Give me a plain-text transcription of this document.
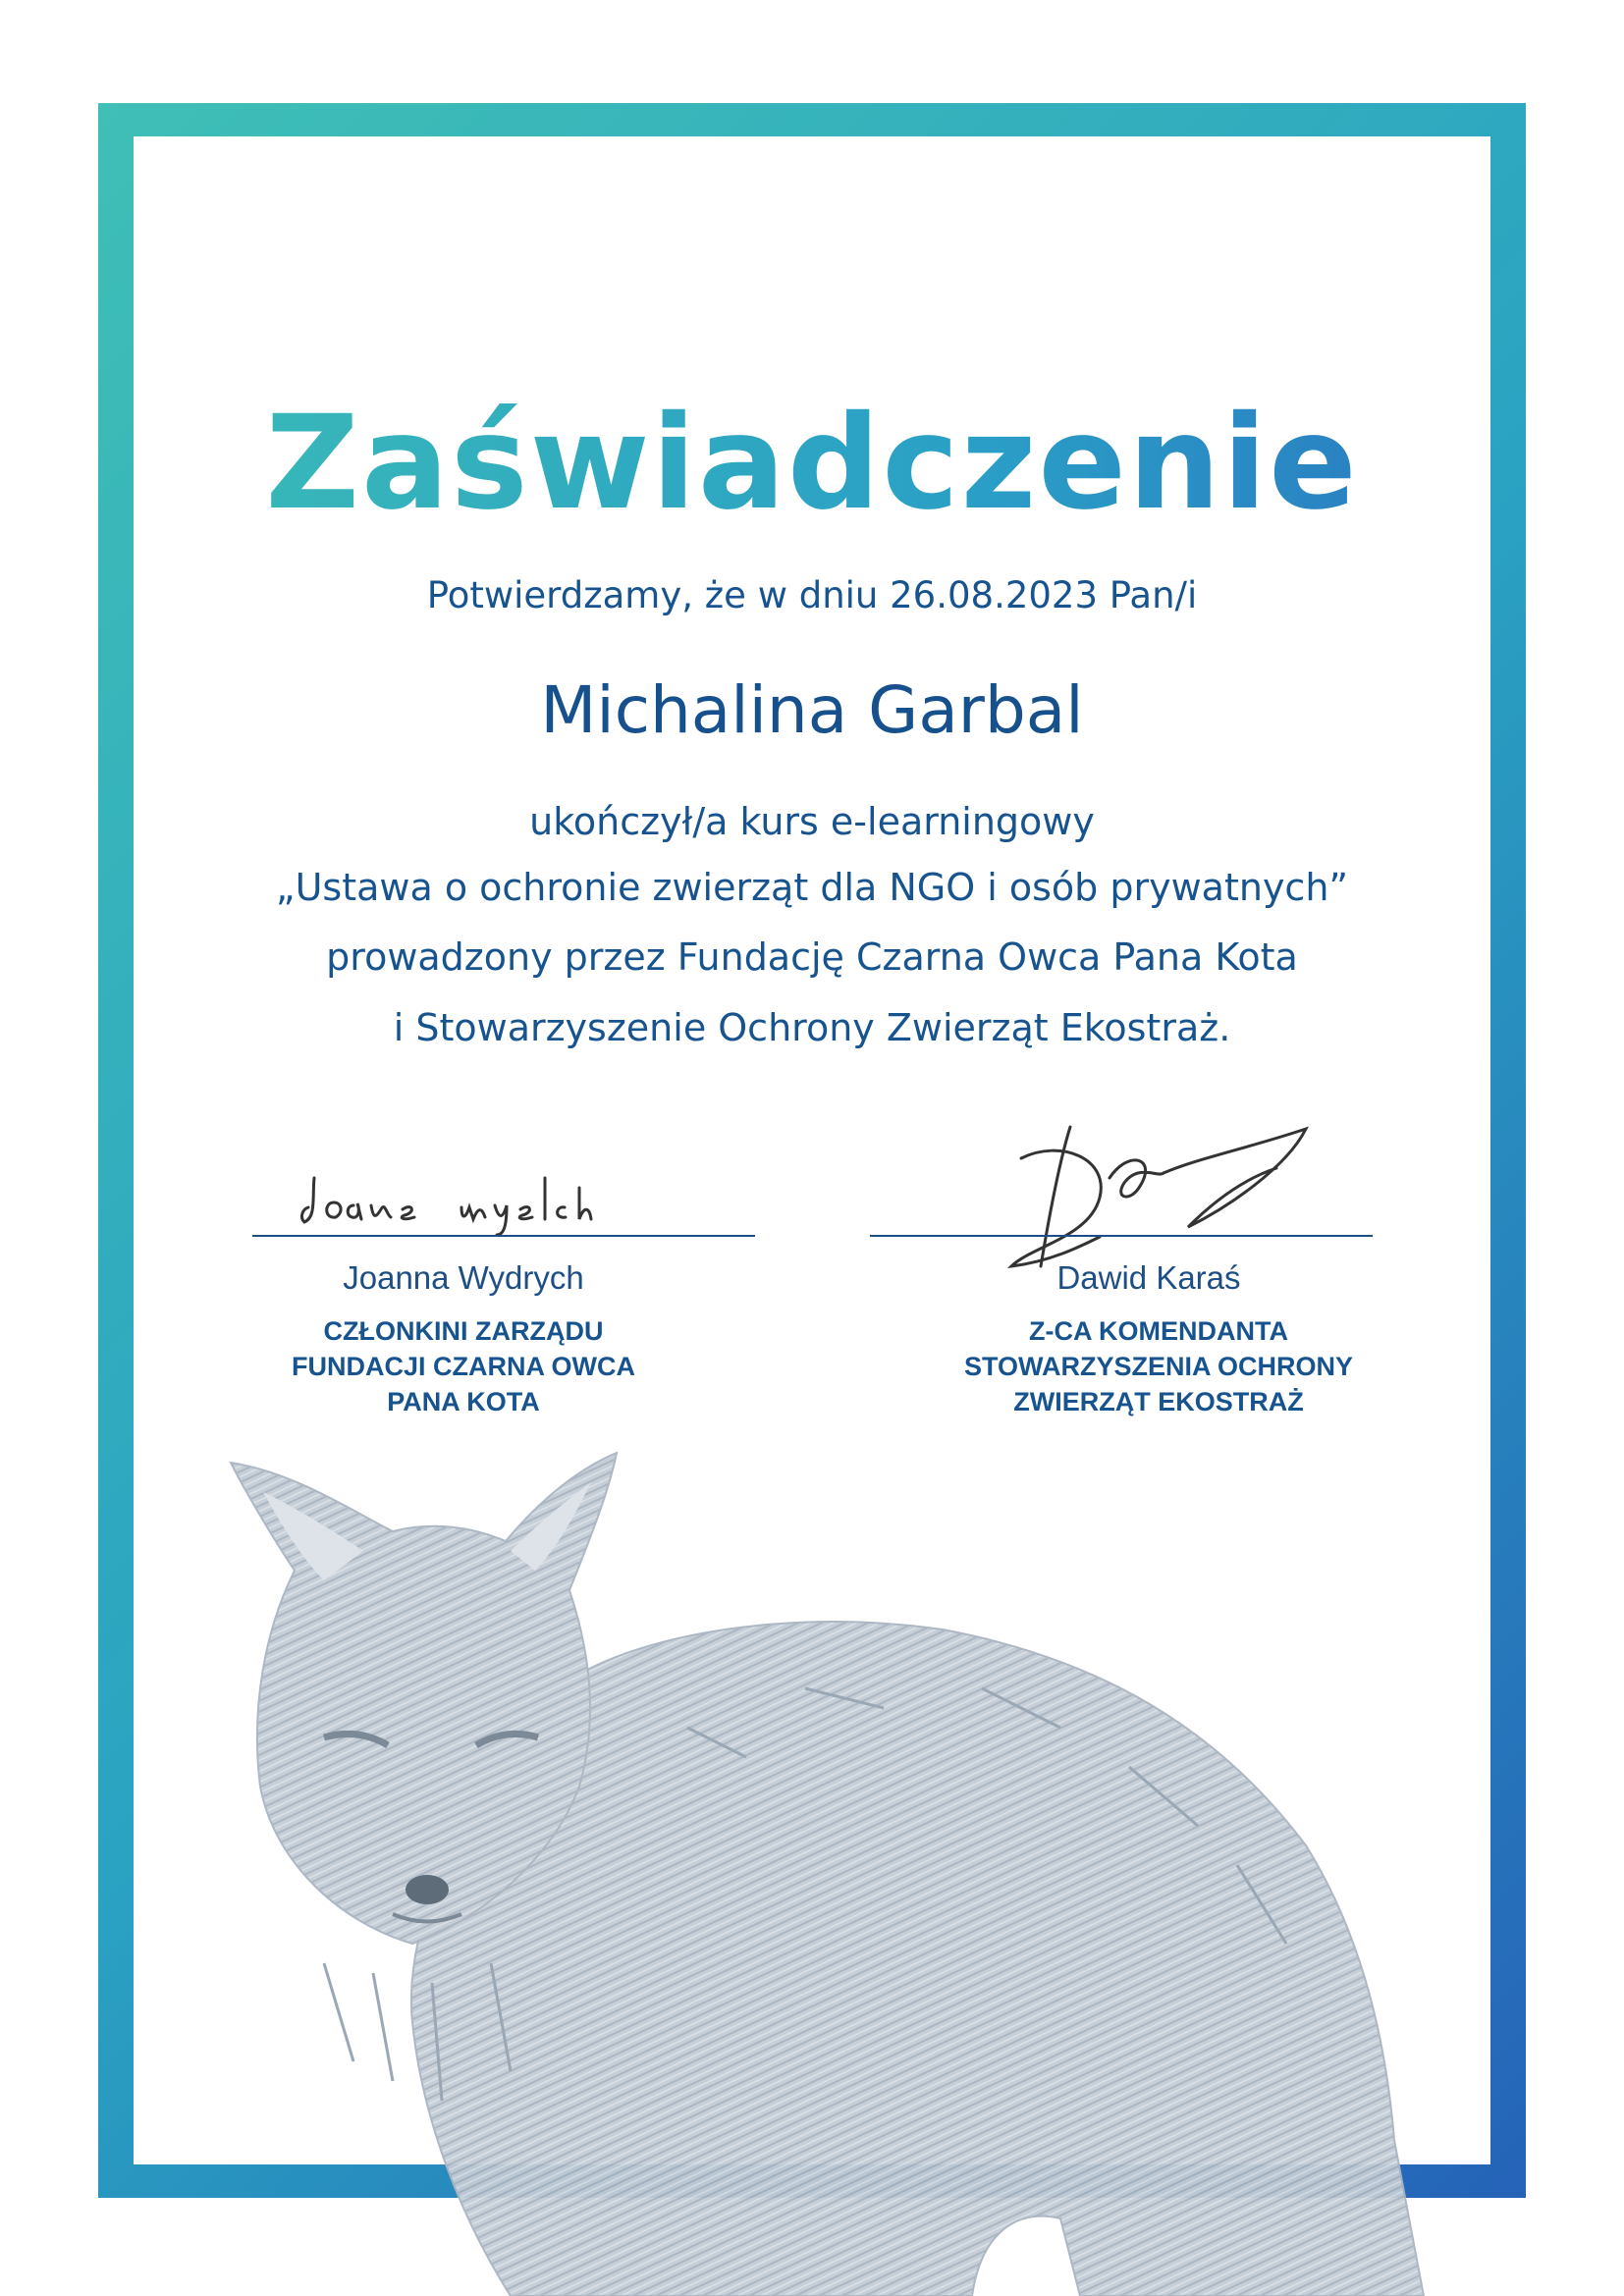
Zaświadczenie
Potwierdzamy, że w dniu 26.08.2023 Pan/i
Michalina Garbal
ukończył/a kurs e-learningowy
„Ustawa o ochronie zwierząt dla NGO i osób prywatnych”
prowadzony przez Fundację Czarna Owca Pana Kota
i Stowarzyszenie Ochrony Zwierząt Ekostraż.
Joanna Wydrych	Dawid Karaś
CZŁONKINI ZARZĄDU
FUNDACJI CZARNA OWCA
PANA KOTA
Z-CA KOMENDANTA
STOWARZYSZENIA OCHRONY
ZWIERZĄT EKOSTRAŻ
